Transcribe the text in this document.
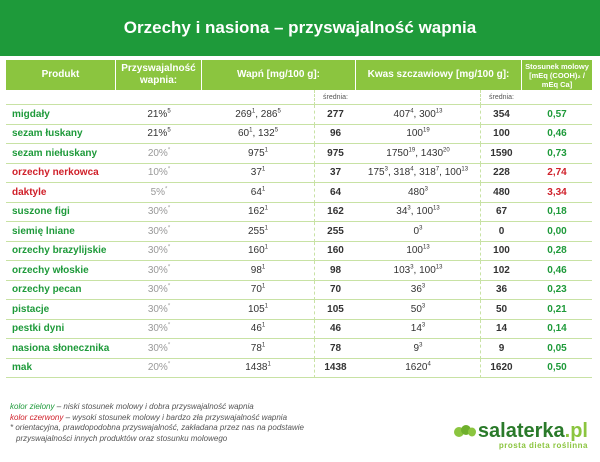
Orzechy i nasiona – przyswajalność wapnia
Produkt	Przyswajalność wapnia:	Wapń [mg/100 g]:		Kwas szczawiowy [mg/100 g]:		Stosunek molowy [mEq (COOH)₂ / mEq Ca]
			średnia:		średnia:	
migdały	21%$^5$	$269^1$, $286^5$	277	$407^4$, $300^{13}$	354	0,57
sezam łuskany	21%$^5$	$60^1$, $132^5$	96	$100^{19}$	100	0,46
sezam niełuskany	20%*	$975^1$	975	1750$^{19}$, 1430$^{20}$	1590	0,73
orzechy nerkowca	10%*	$37^1$	37	$175^3$, $318^4$, $318^7$, $100^{13}$	228	2,74
daktyle	5%*	$64^1$	64	$480^3$	480	3,34
suszone figi	30%*	$162^1$	162	$34^3$, $100^{13}$	67	0,18
siemię lniane	30%*	$255^1$	255	$0^3$	0	0,00
orzechy brazylijskie	30%*	$160^1$	160	$100^{13}$	100	0,28
orzechy włoskie	30%*	$98^1$	98	$103^3$, $100^{13}$	102	0,46
orzechy pecan	30%*	$70^1$	70	$36^3$	36	0,23
pistacje	30%*	$105^1$	105	$50^3$	50	0,21
pestki dyni	30%*	$46^1$	46	$14^3$	14	0,14
nasiona słonecznika	30%*	$78^1$	78	$9^3$	9	0,05
mak	20%*	1438$^1$	1438	1620$^4$	1620	0,50
kolor zielony – niski stosunek molowy i dobra przyswajalność wapnia
kolor czerwony – wysoki stosunek molowy i bardzo zła przyswajalność wapnia
* orientacyjna, prawdopodobna przyswajalność, zakładana przez nas na podstawie
przyswajalności innych produktów oraz stosunku molowego	salaterka.pl
prosta dieta roślinna
